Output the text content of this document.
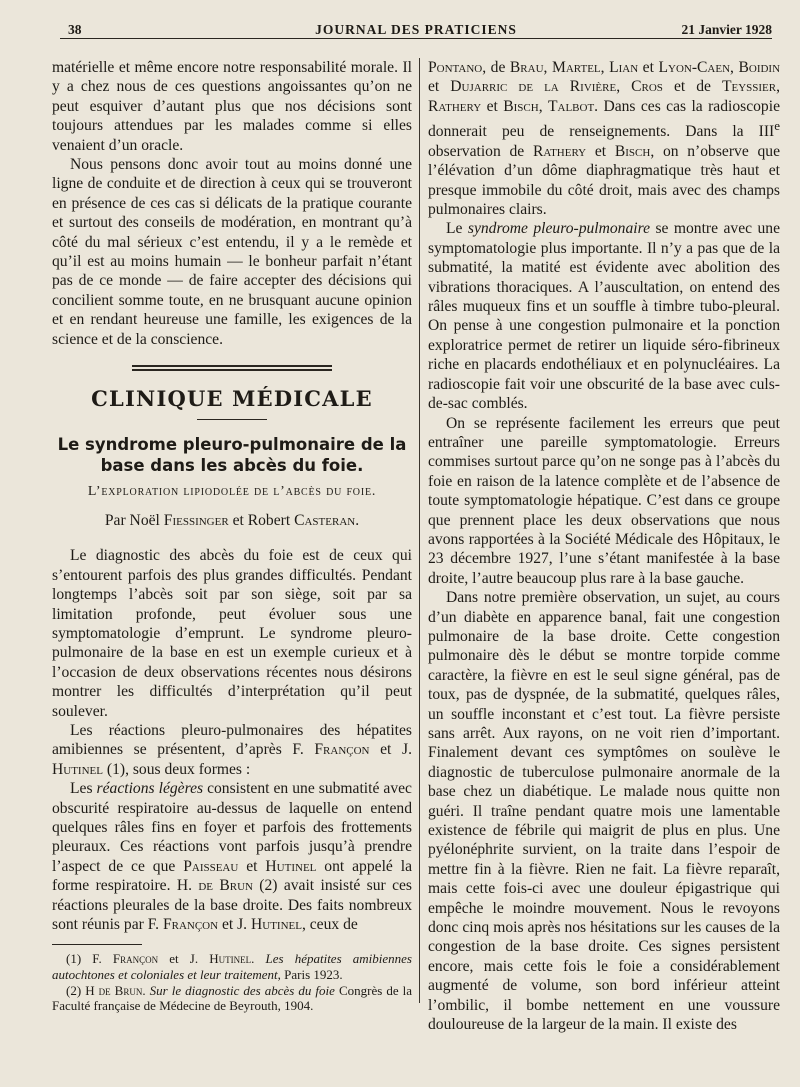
38	JOURNAL DES PRATICIENS	21 Janvier 1928

matérielle et même encore notre responsabilité morale. Il y a chez nous de ces questions angoissantes qu’on ne peut esquiver d’autant plus que nos décisions sont toujours attendues par les malades comme si elles venaient d’un oracle.

Nous pensons donc avoir tout au moins donné une ligne de conduite et de direction à ceux qui se trouveront en présence de ces cas si délicats de la pratique courante et surtout des conseils de modération, en montrant qu’à côté du mal sérieux c’est entendu, il y a le remède et qu’il est au moins humain — le bonheur parfait n’étant pas de ce monde — de faire accepter des décisions qui concilient somme toute, en ne brusquant aucune opinion et en rendant heureuse une famille, les exigences de la science et de la conscience.

CLINIQUE MÉDICALE
Le syndrome pleuro-pulmonaire de la base dans les abcès du foie.
L’exploration lipiodolée de l’abcès du foie.
Par Noël Fiessinger et Robert Casteran.

Le diagnostic des abcès du foie est de ceux qui s’entourent parfois des plus grandes difficultés. Pendant longtemps l’abcès soit par son siège, soit par sa limitation profonde, peut évoluer sous une symptomatologie d’emprunt. Le syndrome pleuro-pulmonaire de la base en est un exemple curieux et à l’occasion de deux observations récentes nous désirons montrer les difficultés d’interprétation qu’il peut soulever.

Les réactions pleuro-pulmonaires des hépatites amibiennes se présentent, d’après F. Françon et J. Hutinel (1), sous deux formes :

Les réactions légères consistent en une submatité avec obscurité respiratoire au-dessus de laquelle on entend quelques râles fins en foyer et parfois des frottements pleuraux. Ces réactions vont parfois jusqu’à prendre l’aspect de ce que Paisseau et Hutinel ont appelé la forme respiratoire. H. de Brun (2) avait insisté sur ces réactions pleurales de la base droite. Des faits nombreux sont réunis par F. Françon et J. Hutinel, ceux de

(1) F. Françon et J. Hutinel. Les hépatites amibiennes autochtones et coloniales et leur traitement, Paris 1923.

(2) H de Brun. Sur le diagnostic des abcès du foie Congrès de la Faculté française de Médecine de Beyrouth, 1904.

Pontano, de Brau, Martel, Lian et Lyon-Caen, Boidin et Dujarric de la Rivière, Cros et de Teyssier, Rathery et Bisch, Talbot. Dans ces cas la radioscopie donnerait peu de renseignements. Dans la IIIe observation de Rathery et Bisch, on n’observe que l’élévation d’un dôme diaphragmatique très haut et presque immobile du côté droit, mais avec des champs pulmonaires clairs.

Le syndrome pleuro-pulmonaire se montre avec une symptomatologie plus importante. Il n’y a pas que de la submatité, la matité est évidente avec abolition des vibrations thoraciques. A l’auscultation, on entend des râles muqueux fins et un souffle à timbre tubo-pleural. On pense à une congestion pulmonaire et la ponction exploratrice permet de retirer un liquide séro-fibrineux riche en placards endothéliaux et en polynucléaires. La radioscopie fait voir une obscurité de la base avec culs-de-sac comblés.

On se représente facilement les erreurs que peut entraîner une pareille symptomatologie. Erreurs commises surtout parce qu’on ne songe pas à l’abcès du foie en raison de la latence complète et de l’absence de toute symptomatologie hépatique. C’est dans ce groupe que prennent place les deux observations que nous avons rapportées à la Société Médicale des Hôpitaux, le 23 décembre 1927, l’une s’étant manifestée à la base droite, l’autre beaucoup plus rare à la base gauche.

Dans notre première observation, un sujet, au cours d’un diabète en apparence banal, fait une congestion pulmonaire de la base droite. Cette congestion pulmonaire dès le début se montre torpide comme caractère, la fièvre en est le seul signe général, pas de toux, pas de dyspnée, de la submatité, quelques râles, un souffle inconstant et c’est tout. La fièvre persiste sans arrêt. Aux rayons, on ne voit rien d’important. Finalement devant ces symptômes on soulève le diagnostic de tuberculose pulmonaire anormale de la base chez un diabétique. Le malade nous quitte non guéri. Il traîne pendant quatre mois une lamentable existence de fébrile qui maigrit de plus en plus. Une pyélonéphrite survient, on la traite dans l’espoir de mettre fin à la fièvre. Rien ne fait. La fièvre reparaît, mais cette fois-ci avec une douleur épigastrique qui empêche le moindre mouvement. Nous le revoyons donc cinq mois après nos hésitations sur les causes de la congestion de la base droite. Ces signes persistent encore, mais cette fois le foie a considérablement augmenté de volume, son bord inférieur atteint l’ombilic, il bombe nettement en une voussure douloureuse de la largeur de la main. Il existe des
